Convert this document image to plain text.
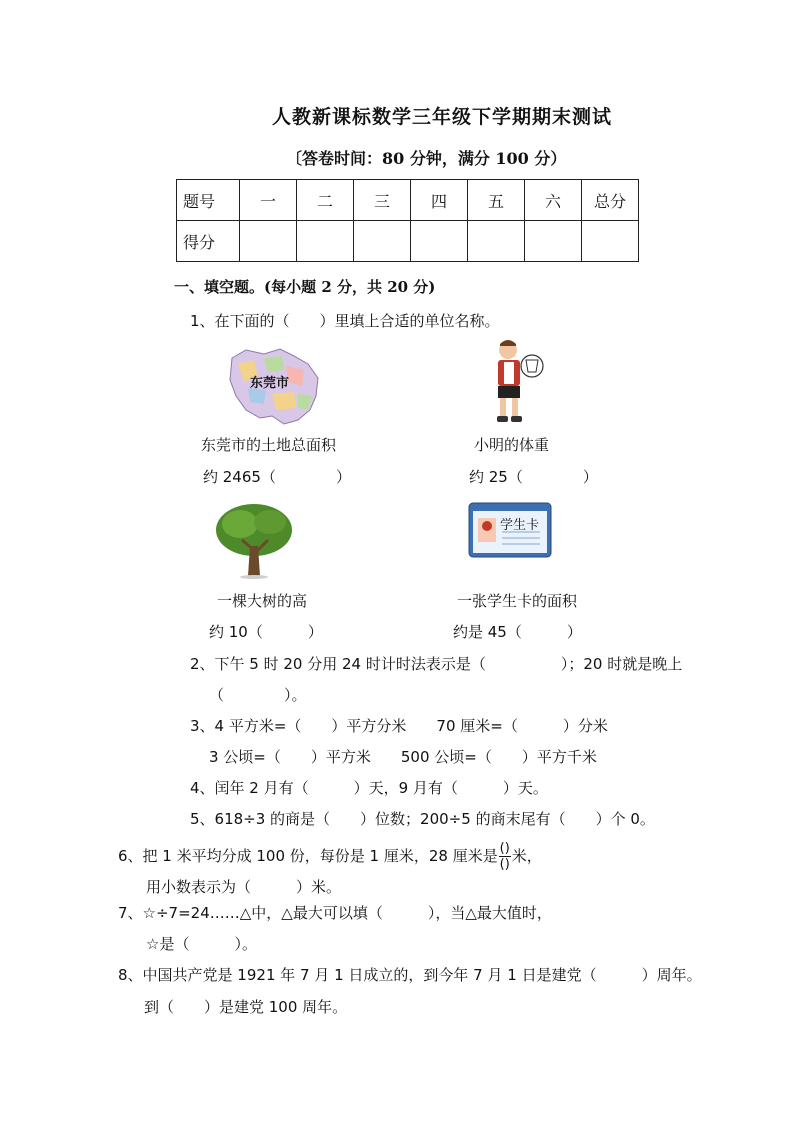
人教新课标数学三年级下学期期末测试
〔答卷时间：80 分钟，满分 100 分）
题号	一	二	三	四	五	六	总分
得分							
一、填空题。(每小题 2 分，共 20 分)
1、在下面的（　　）里填上合适的单位名称。
东莞市
东莞市的土地总面积
约 2465（　　　　）
小明的体重
约 25（　　　　）
学生卡
一棵大树的高
约 10（　　　）
一张学生卡的面积
约是 45（　　　）
2、下午 5 时 20 分用 24 时计时法表示是（　　　　　）；20 时就是晚上
（　　　　）。
3、4 平方米=（　　）平方分米　　70 厘米=（　　　）分米
3 公顷=（　　）平方米　　500 公顷=（　　）平方千米
4、闰年 2 月有（　　　）天，9 月有（　　　）天。
5、618÷3 的商是（　　）位数；200÷5 的商末尾有（　　）个 0。
6、把 1 米平均分成 100 份，每份是 1 厘米，28 厘米是 $\frac{()}{()}$ 米，
用小数表示为（　　　）米。
7、☆÷7=24……△中，△最大可以填（　　　），当△最大值时，
☆是（　　　）。
8、中国共产党是 1921 年 7 月 1 日成立的，到今年 7 月 1 日是建党（　　　）周年。
到（　　）是建党 100 周年。
